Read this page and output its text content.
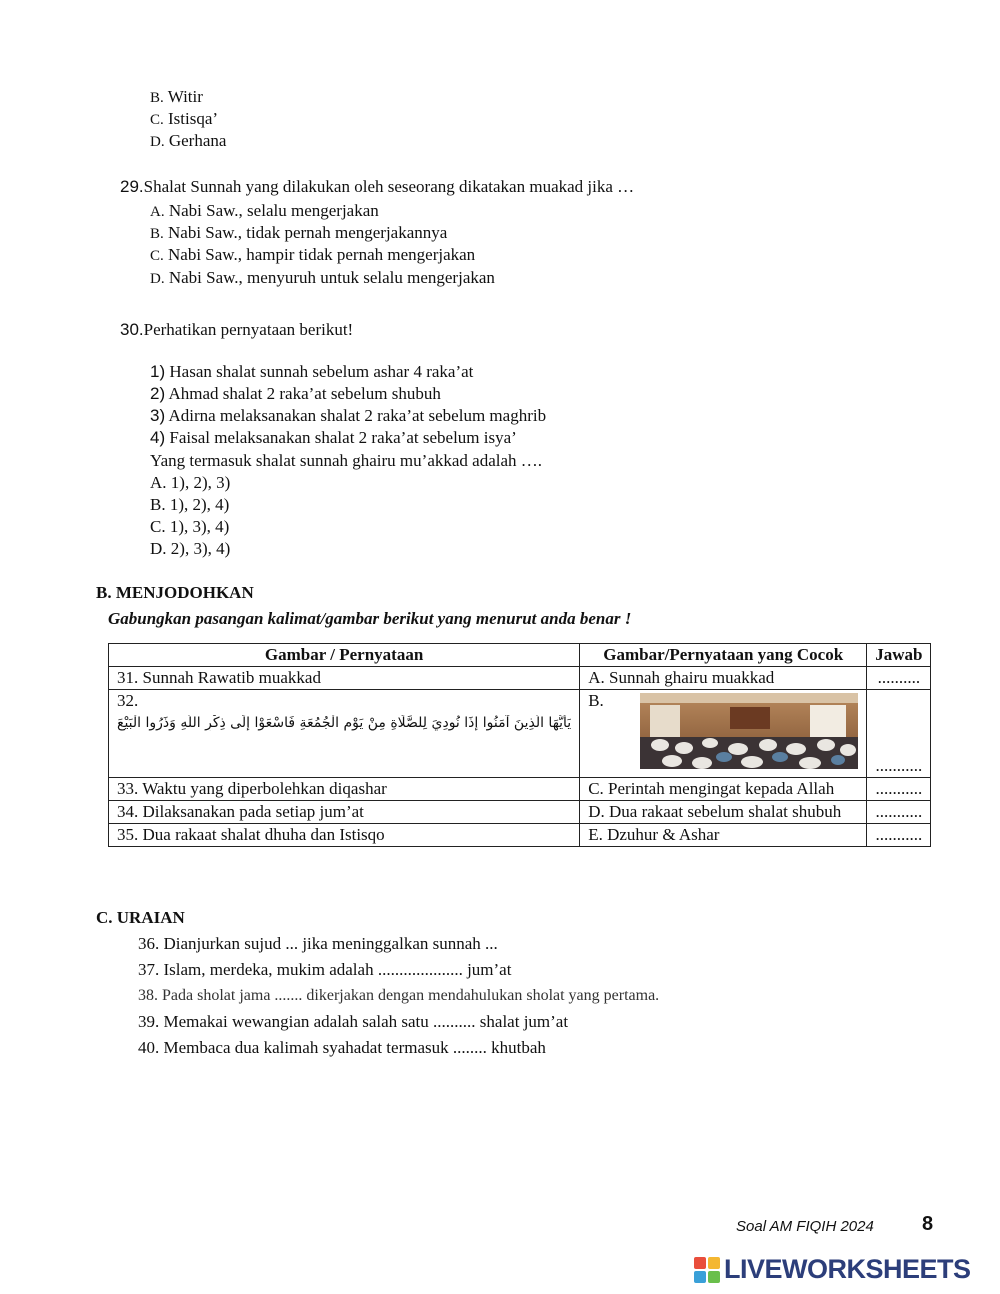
B. Witir
C. Istisqa’
D. Gerhana
29.Shalat Sunnah yang dilakukan oleh seseorang dikatakan muakad jika …
A. Nabi Saw., selalu mengerjakan
B. Nabi Saw., tidak pernah mengerjakannya
C. Nabi Saw., hampir tidak pernah mengerjakan
D. Nabi Saw., menyuruh untuk selalu mengerjakan
30.Perhatikan pernyataan berikut!
1) Hasan shalat sunnah sebelum ashar 4 raka’at
2) Ahmad shalat 2 raka’at sebelum shubuh
3) Adirna melaksanakan shalat 2 raka’at sebelum maghrib
4) Faisal melaksanakan shalat 2 raka’at sebelum isya’
Yang termasuk shalat sunnah ghairu mu’akkad adalah ….
A. 1), 2), 3)
B. 1), 2), 4)
C. 1), 3), 4)
D. 2), 3), 4)
B. MENJODOHKAN
Gabungkan pasangan kalimat/gambar berikut yang menurut anda benar !
Gambar / Pernyataan	Gambar/Pernyataan yang Cocok	Jawab
31. Sunnah Rawatib muakkad	A. Sunnah ghairu muakkad	..........

32.
يَأَيُّهَا الَّذِينَ آمَنُوا إِذَا نُودِيَ لِلصَّلَاةِ مِنْ يَوْمِ الْجُمُعَةِ فَاسْعَوْا إِلَى ذِكْرِ اللَّهِ وَذَرُوا الْبَيْعَ	B.	...........
33. Waktu yang diperbolehkan diqashar	C. Perintah mengingat kepada Allah	...........
34. Dilaksanakan pada setiap jum’at	D. Dua rakaat sebelum shalat shubuh	...........
35. Dua rakaat shalat dhuha dan Istisqo	E. Dzuhur & Ashar	...........
C. URAIAN
36. Dianjurkan sujud ... jika meninggalkan sunnah ...
37. Islam, merdeka, mukim adalah .................... jum’at
38. Pada sholat jama ....... dikerjakan dengan mendahulukan sholat yang pertama.
39. Memakai wewangian adalah salah satu .......... shalat jum’at
40. Membaca dua kalimah syahadat termasuk ........ khutbah
Soal AM FIQIH 2024 8
LIVEWORKSHEETS
